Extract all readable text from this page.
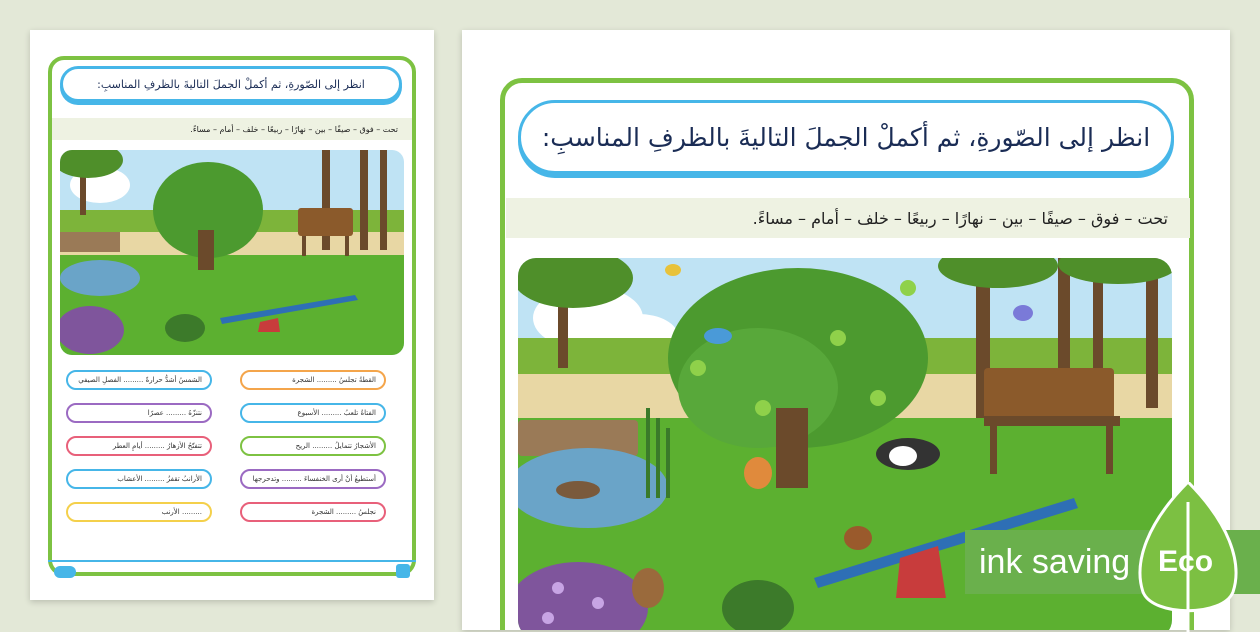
انظر إلى الصّورةِ، ثم أكملْ الجملَ التاليةَ بالظرفِ المناسبِ:
تحت – فوق – صيفًا – بين – نهارًا – ربيعًا – خلف – أمام – مساءً.
القطةُ تجلسُ ......... الشجرة
الفتاةُ تلعبُ ......... الأسبوع
الأشجارُ تتمايلُ ......... الريح
أستطيعُ أنْ أرى الخنفساءَ ......... وتدحرجها
نجلسُ ......... الشجرة
الشمسُ أشدُّ حرارةً ......... الفصلِ الصيفي
نتنزّهُ ......... عصرًا
تتفتّحُ الأزهارُ ......... أيامِ العطر
الأرانبُ تقفزُ ......... الأعشاب
......... الأرنب
انظر إلى الصّورةِ، ثم أكملْ الجملَ التاليةَ بالظرفِ المناسبِ:
تحت – فوق – صيفًا – بين – نهارًا – ربيعًا – خلف – أمام – مساءً.
ink saving Eco
